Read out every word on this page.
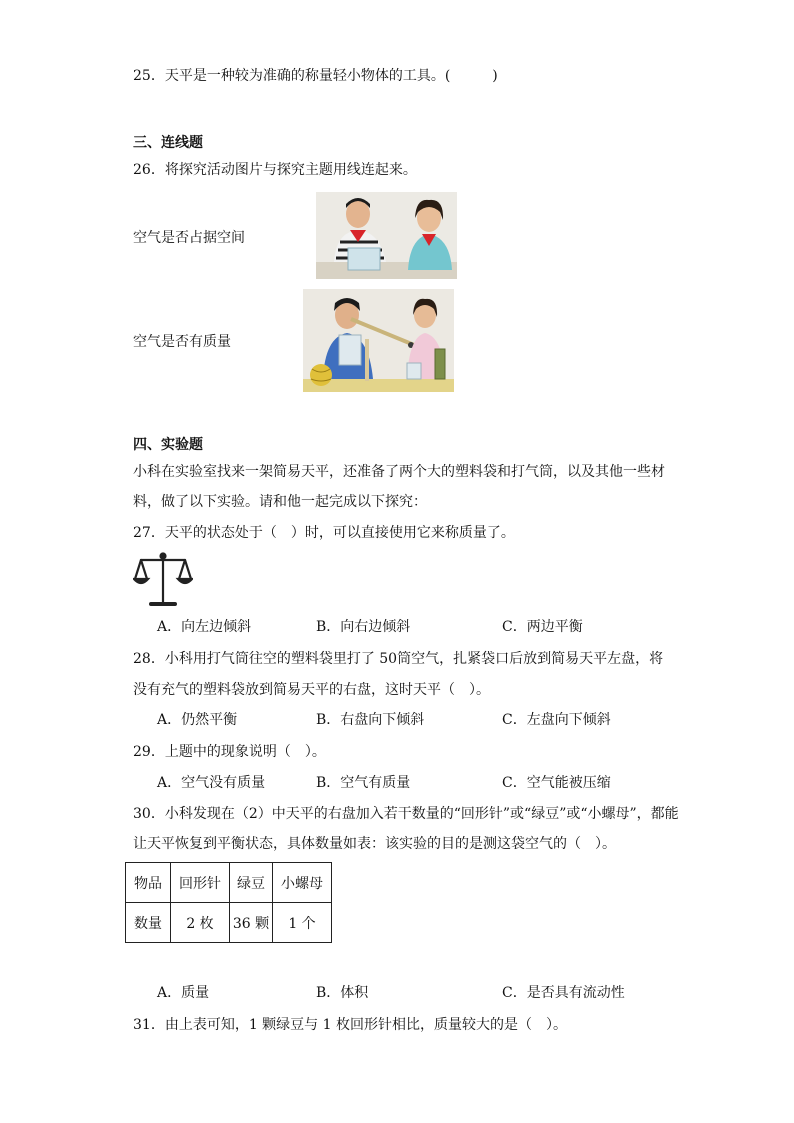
25．天平是一种较为准确的称量轻小物体的工具。(　　　)
三、连线题
26．将探究活动图片与探究主题用线连起来。
空气是否占据空间
空气是否有质量
四、实验题
小科在实验室找来一架简易天平，还准备了两个大的塑料袋和打气筒，以及其他一些材
料，做了以下实验。请和他一起完成以下探究：
27．天平的状态处于（　）时，可以直接使用它来称质量了。
A．向左边倾斜	B．向右边倾斜	C．两边平衡
28．小科用打气筒往空的塑料袋里打了 50筒空气，扎紧袋口后放到简易天平左盘，将
没有充气的塑料袋放到简易天平的右盘，这时天平（　）。
A．仍然平衡	B．右盘向下倾斜	C．左盘向下倾斜
29．上题中的现象说明（　）。
A．空气没有质量	B．空气有质量	C．空气能被压缩
30．小科发现在（2）中天平的右盘加入若干数量的“回形针”或“绿豆”或“小螺母”，都能
让天平恢复到平衡状态，具体数量如表：该实验的目的是测这袋空气的（　）。
物品	回形针	绿豆	小螺母
数量	2 枚	36 颗	1 个
A．质量	B．体积	C．是否具有流动性
31．由上表可知，1 颗绿豆与 1 枚回形针相比，质量较大的是（　）。
